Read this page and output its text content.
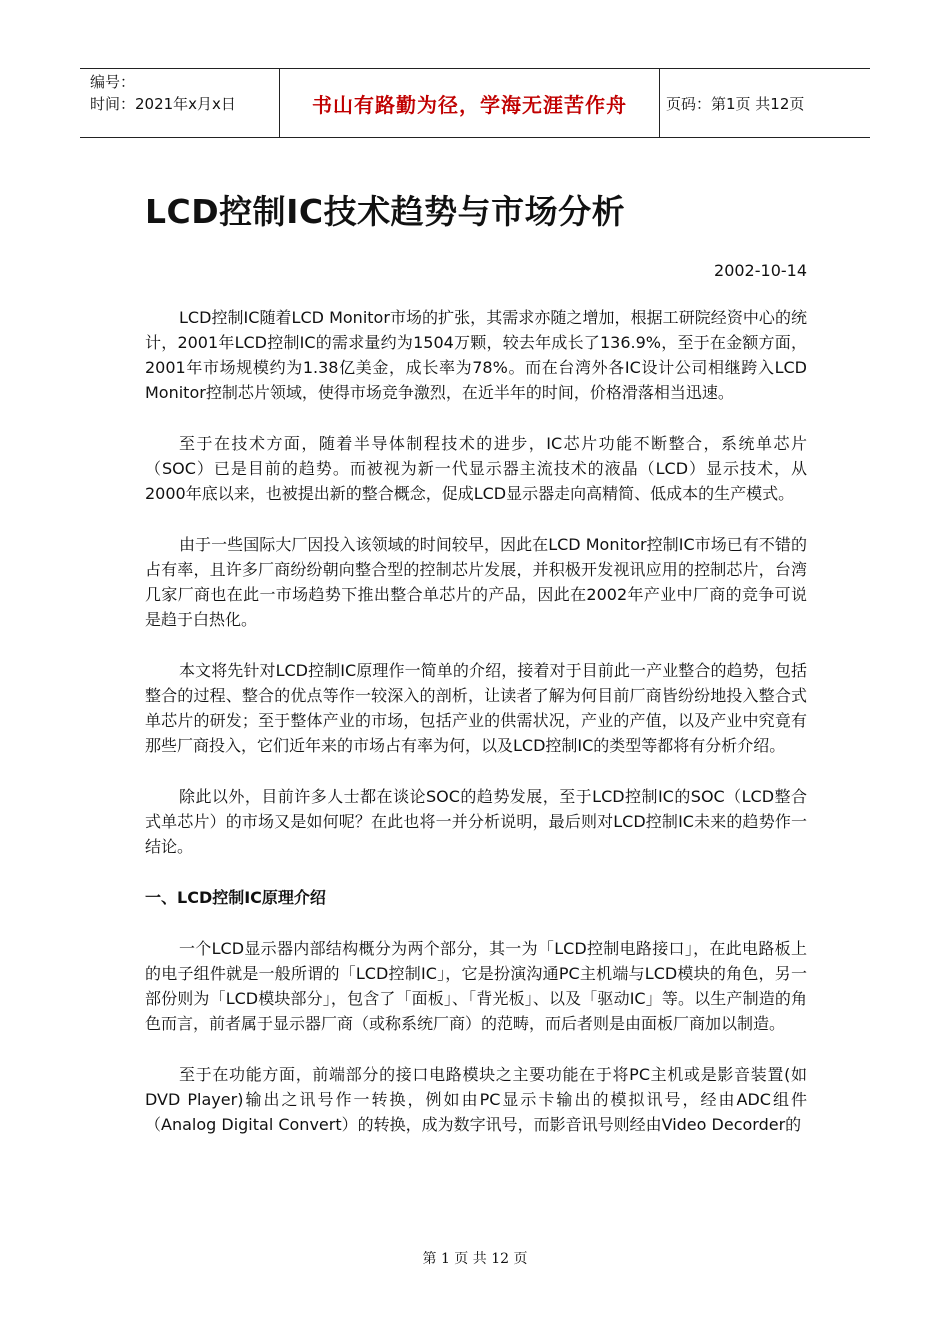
编号：
时间：2021年x月x日	书山有路勤为径，学海无涯苦作舟	页码：第1页 共12页
LCD控制IC技术趋势与市场分析
2002-10-14

LCD控制IC随着LCD Monitor市场的扩张，其需求亦随之增加，根据工研院经资中心的统计，2001年LCD控制IC的需求量约为1504万颗，较去年成长了136.9%，至于在金额方面，2001年市场规模约为1.38亿美金，成长率为78%。而在台湾外各IC设计公司相继跨入LCD Monitor控制芯片领域，使得市场竞争激烈，在近半年的时间，价格滑落相当迅速。

至于在技术方面，随着半导体制程技术的进步，IC芯片功能不断整合，系统单芯片（SOC）已是目前的趋势。而被视为新一代显示器主流技术的液晶（LCD）显示技术，从2000年底以来，也被提出新的整合概念，促成LCD显示器走向高精简、低成本的生产模式。

由于一些国际大厂因投入该领域的时间较早，因此在LCD Monitor控制IC市场已有不错的占有率，且许多厂商纷纷朝向整合型的控制芯片发展，并积极开发视讯应用的控制芯片，台湾几家厂商也在此一市场趋势下推出整合单芯片的产品，因此在2002年产业中厂商的竞争可说是趋于白热化。

本文将先针对LCD控制IC原理作一简单的介绍，接着对于目前此一产业整合的趋势，包括整合的过程、整合的优点等作一较深入的剖析，让读者了解为何目前厂商皆纷纷地投入整合式单芯片的研发；至于整体产业的市场，包括产业的供需状况，产业的产值，以及产业中究竟有那些厂商投入，它们近年来的市场占有率为何，以及LCD控制IC的类型等都将有分析介绍。

除此以外，目前许多人士都在谈论SOC的趋势发展，至于LCD控制IC的SOC（LCD整合式单芯片）的市场又是如何呢？在此也将一并分析说明，最后则对LCD控制IC未来的趋势作一结论。

一、LCD控制IC原理介绍

一个LCD显示器内部结构概分为两个部分，其一为「LCD控制电路接口」，在此电路板上的电子组件就是一般所谓的「LCD控制IC」，它是扮演沟通PC主机端与LCD模块的角色，另一部份则为「LCD模块部分」，包含了「面板」、「背光板」、以及「驱动IC」等。以生产制造的角色而言，前者属于显示器厂商（或称系统厂商）的范畴，而后者则是由面板厂商加以制造。

至于在功能方面，前端部分的接口电路模块之主要功能在于将PC主机或是影音装置(如DVD Player)输出之讯号作一转换，例如由PC显示卡输出的模拟讯号，经由ADC组件（Analog Digital Convert）的转换，成为数字讯号，而影音讯号则经由Video Decorder的

第 1 页 共 12 页
